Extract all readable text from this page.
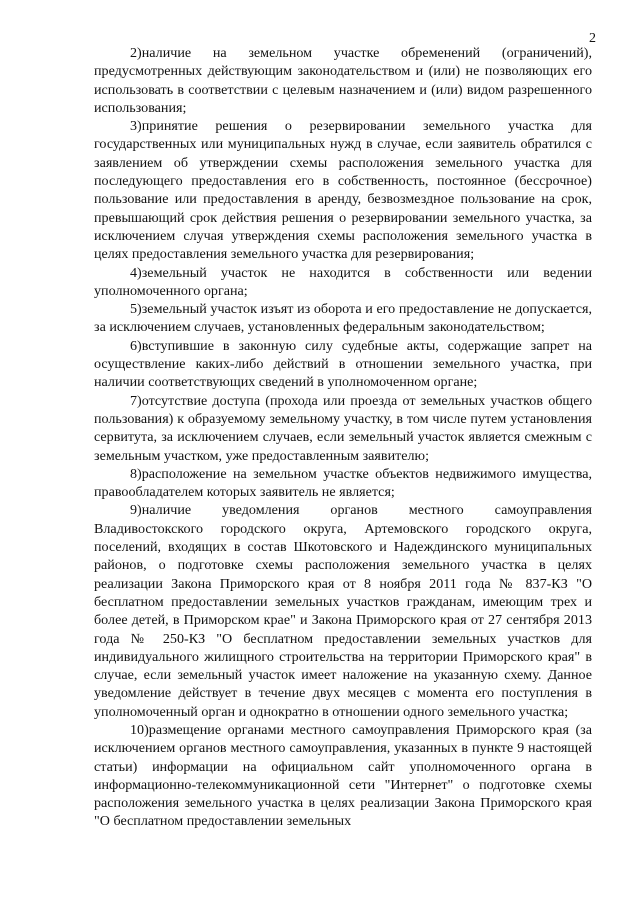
2

2)наличие на земельном участке обременений (ограничений), предусмотренных действующим законодательством и (или) не позволяющих его использовать в соответствии с целевым назначением и (или) видом разрешенного использования;

3)принятие решения о резервировании земельного участка для государственных или муниципальных нужд в случае, если заявитель обратился с заявлением об утверждении схемы расположения земельного участка для последующего предоставления его в собственность, постоянное (бессрочное) пользование или предоставления в аренду, безвозмездное пользование на срок, превышающий срок действия решения о резервировании земельного участка, за исключением случая утверждения схемы расположения земельного участка в целях предоставления земельного участка для резервирования;

4)земельный участок не находится в собственности или ведении уполномоченного органа;

5)земельный участок изъят из оборота и его предоставление не допускается, за исключением случаев, установленных федеральным законодательством;

6)вступившие в законную силу судебные акты, содержащие запрет на осуществление каких-либо действий в отношении земельного участка, при наличии соответствующих сведений в уполномоченном органе;

7)отсутствие доступа (прохода или проезда от земельных участков общего пользования) к образуемому земельному участку, в том числе путем установления сервитута, за исключением случаев, если земельный участок является смежным с земельным участком, уже предоставленным заявителю;

8)расположение на земельном участке объектов недвижимого имущества, правообладателем которых заявитель не является;

9)наличие уведомления органов местного самоуправления Владивостокского городского округа, Артемовского городского округа, поселений, входящих в состав Шкотовского и Надеждинского муниципальных районов, о подготовке схемы расположения земельного участка в целях реализации Закона Приморского края от 8 ноября 2011 года № 837-КЗ "О бесплатном предоставлении земельных участков гражданам, имеющим трех и более детей, в Приморском крае" и Закона Приморского края от 27 сентября 2013 года № 250-КЗ "О бесплатном предоставлении земельных участков для индивидуального жилищного строительства на территории Приморского края" в случае, если земельный участок имеет наложение на указанную схему. Данное уведомление действует в течение двух месяцев с момента его поступления в уполномоченный орган и однократно в отношении одного земельного участка;

10)размещение органами местного самоуправления Приморского края (за исключением органов местного самоуправления, указанных в пункте 9 настоящей статьи) информации на официальном сайт уполномоченного органа в информационно-телекоммуникационной сети "Интернет" о подготовке схемы расположения земельного участка в целях реализации Закона Приморского края "О бесплатном предоставлении земельных
